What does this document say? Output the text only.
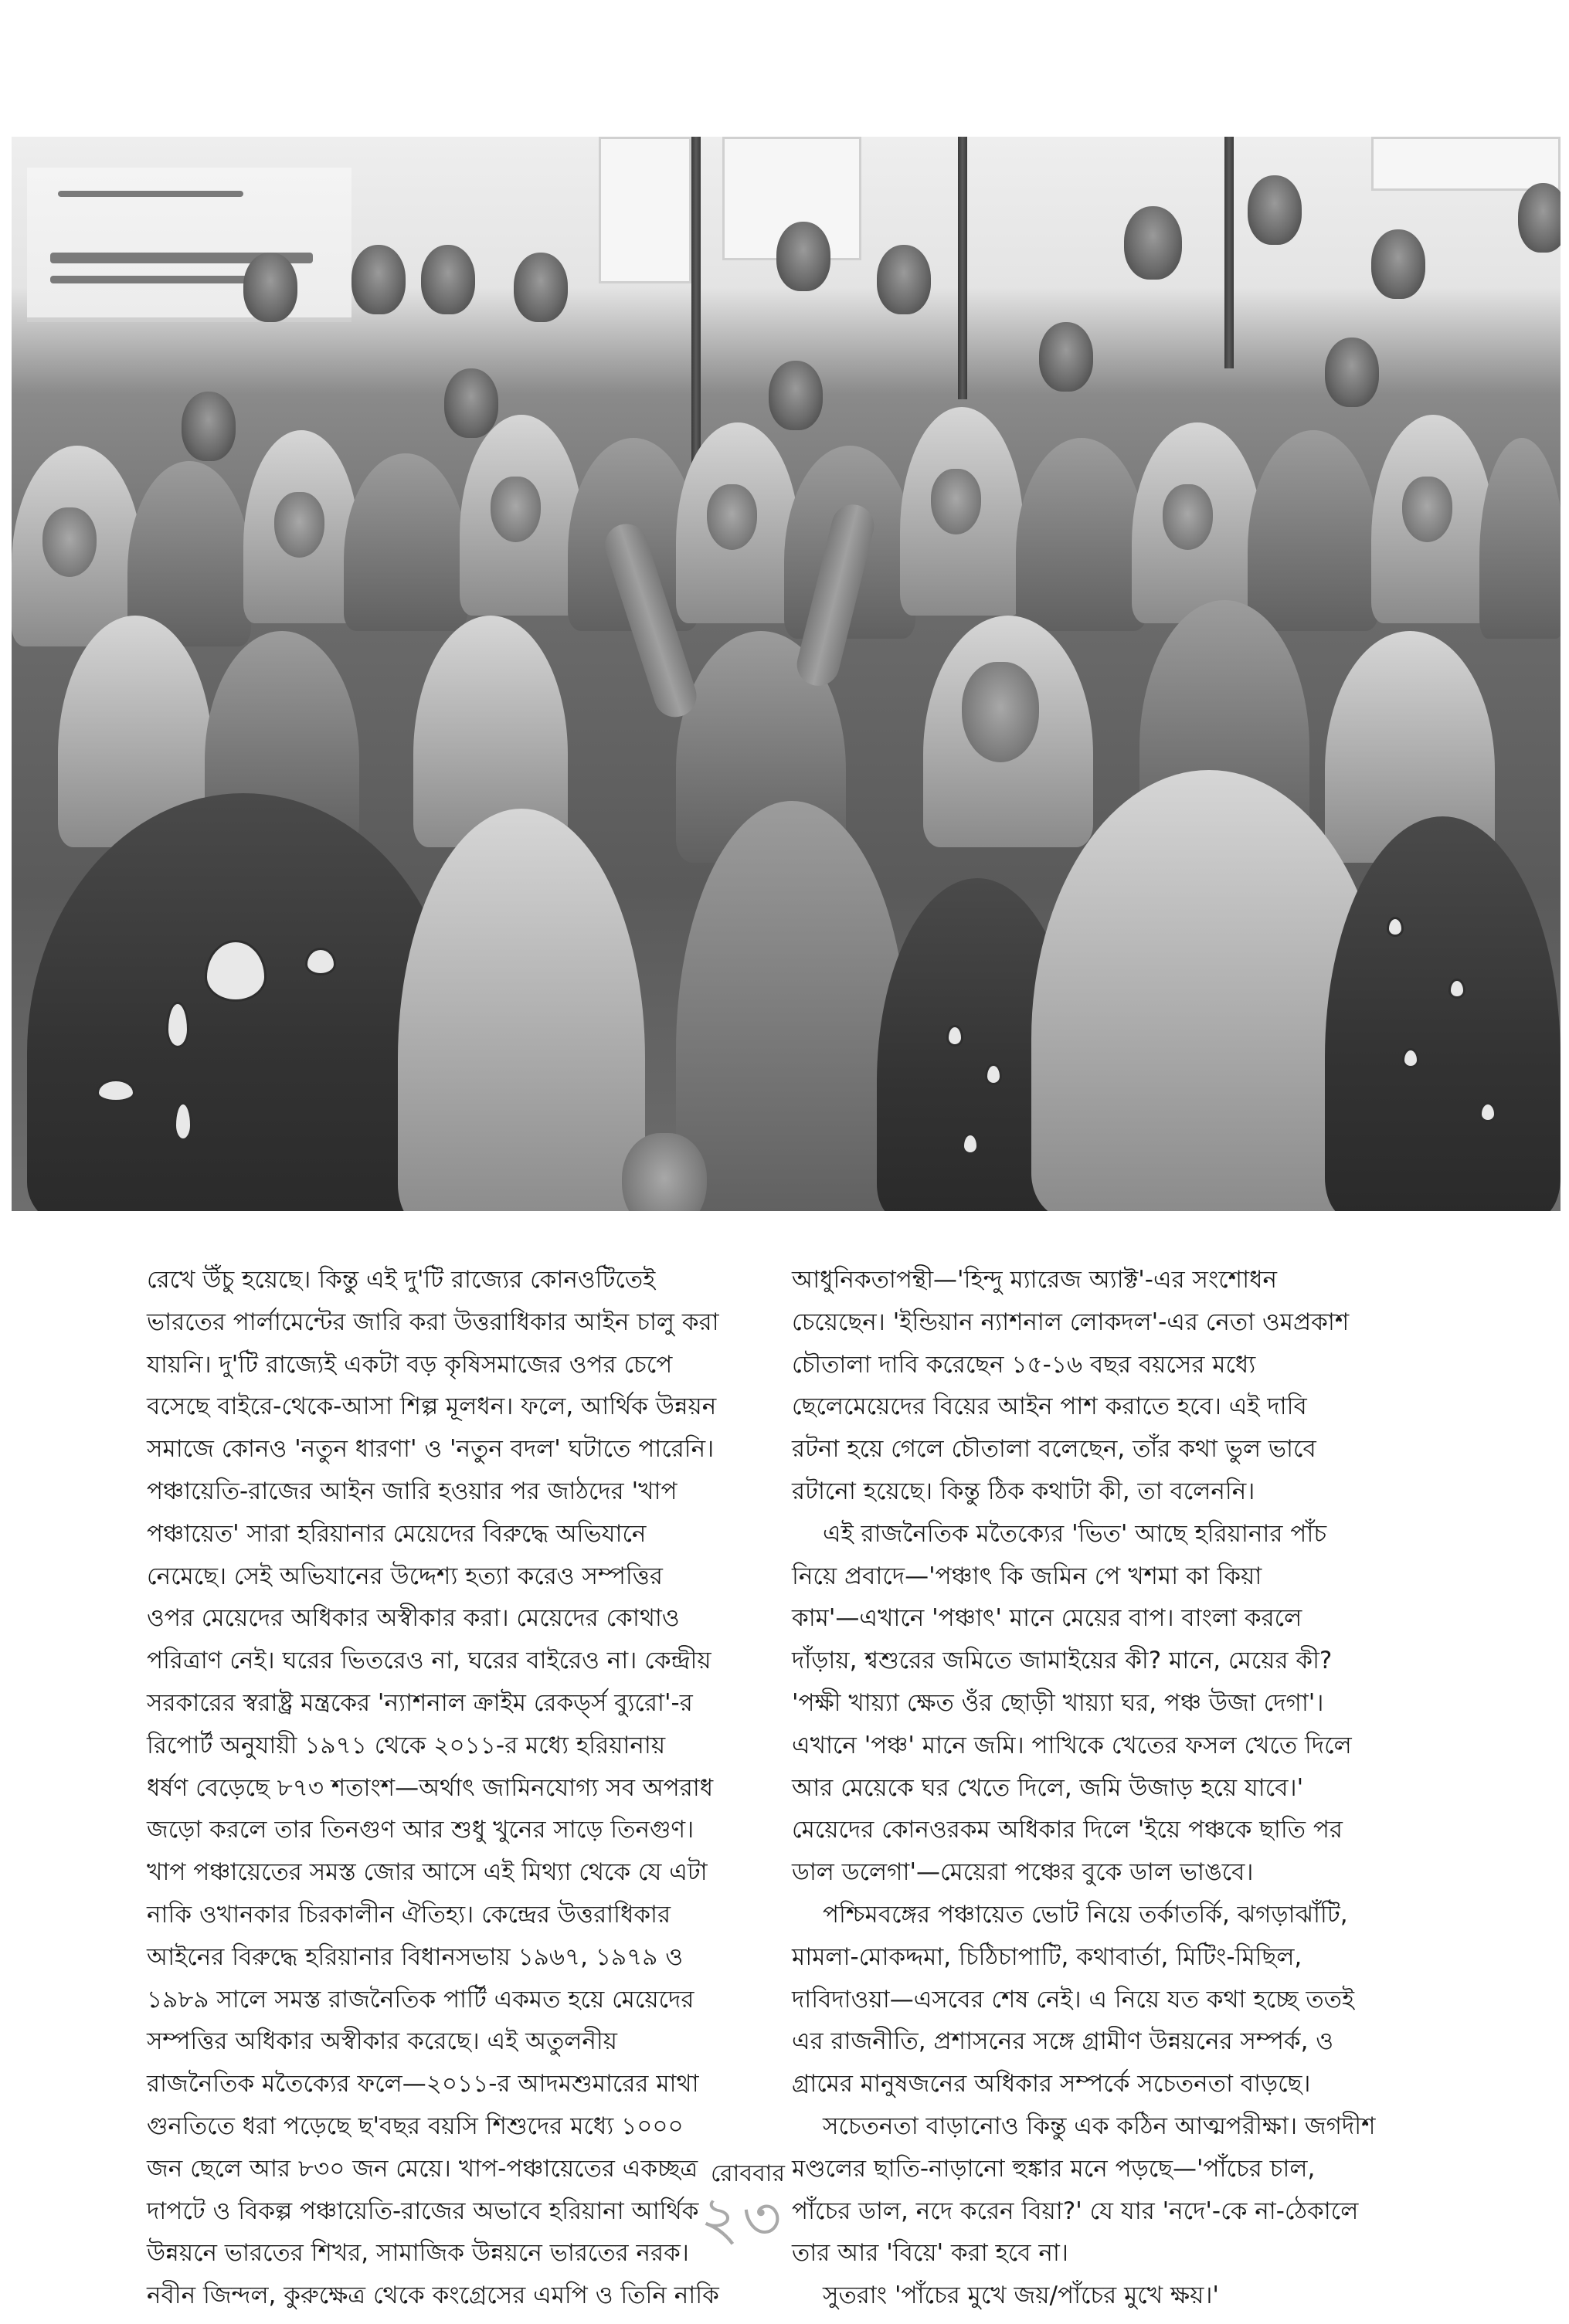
রেখে উঁচু হয়েছে। কিন্তু এই দু'টি রাজ্যের কোনওটিতেই
ভারতের পার্লামেন্টের জারি করা উত্তরাধিকার আইন চালু করা
যায়নি। দু'টি রাজ্যেই একটা বড় কৃষিসমাজের ওপর চেপে
বসেছে বাইরে-থেকে-আসা শিল্প মূলধন। ফলে, আর্থিক উন্নয়ন
সমাজে কোনও 'নতুন ধারণা' ও 'নতুন বদল' ঘটাতে পারেনি।
পঞ্চায়েতি-রাজের আইন জারি হওয়ার পর জাঠদের 'খাপ
পঞ্চায়েত' সারা হরিয়ানার মেয়েদের বিরুদ্ধে অভিযানে
নেমেছে। সেই অভিযানের উদ্দেশ্য হত্যা করেও সম্পত্তির
ওপর মেয়েদের অধিকার অস্বীকার করা। মেয়েদের কোথাও
পরিত্রাণ নেই। ঘরের ভিতরেও না, ঘরের বাইরেও না। কেন্দ্রীয়
সরকারের স্বরাষ্ট্র মন্ত্রকের 'ন্যাশনাল ক্রাইম রেকর্ড্স ব্যুরো'-র
রিপোর্ট অনুযায়ী ১৯৭১ থেকে ২০১১-র মধ্যে হরিয়ানায়
ধর্ষণ বেড়েছে ৮৭৩ শতাংশ—অর্থাৎ জামিনযোগ্য সব অপরাধ
জড়ো করলে তার তিনগুণ আর শুধু খুনের সাড়ে তিনগুণ।
খাপ পঞ্চায়েতের সমস্ত জোর আসে এই মিথ্যা থেকে যে এটা
নাকি ওখানকার চিরকালীন ঐতিহ্য। কেন্দ্রের উত্তরাধিকার
আইনের বিরুদ্ধে হরিয়ানার বিধানসভায় ১৯৬৭, ১৯৭৯ ও
১৯৮৯ সালে সমস্ত রাজনৈতিক পার্টি একমত হয়ে মেয়েদের
সম্পত্তির অধিকার অস্বীকার করেছে। এই অতুলনীয়
রাজনৈতিক মতৈক্যের ফলে—২০১১-র আদমশুমারের মাথা
গুনতিতে ধরা পড়েছে ছ'বছর বয়সি শিশুদের মধ্যে ১০০০
জন ছেলে আর ৮৩০ জন মেয়ে। খাপ-পঞ্চায়েতের একচ্ছত্র
দাপটে ও বিকল্প পঞ্চায়েতি-রাজের অভাবে হরিয়ানা আর্থিক
উন্নয়নে ভারতের শিখর, সামাজিক উন্নয়নে ভারতের নরক।
নবীন জিন্দল, কুরুক্ষেত্র থেকে কংগ্রেসের এমপি ও তিনি নাকি
আধুনিকতাপন্থী—'হিন্দু ম্যারেজ অ্যাক্ট'-এর সংশোধন
চেয়েছেন। 'ইন্ডিয়ান ন্যাশনাল লোকদল'-এর নেতা ওমপ্রকাশ
চৌতালা দাবি করেছেন ১৫-১৬ বছর বয়সের মধ্যে
ছেলেমেয়েদের বিয়ের আইন পাশ করাতে হবে। এই দাবি
রটনা হয়ে গেলে চৌতালা বলেছেন, তাঁর কথা ভুল ভাবে
রটানো হয়েছে। কিন্তু ঠিক কথাটা কী, তা বলেননি।
এই রাজনৈতিক মতৈক্যের 'ভিত' আছে হরিয়ানার পাঁচ
নিয়ে প্রবাদে—'পঞ্চাৎ কি জমিন পে খশমা কা কিয়া
কাম'—এখানে 'পঞ্চাৎ' মানে মেয়ের বাপ। বাংলা করলে
দাঁড়ায়, শ্বশুরের জমিতে জামাইয়ের কী? মানে, মেয়ের কী?
'পক্ষী খায়্যা ক্ষেত ওঁর ছোড়ী খায়্যা ঘর, পঞ্চ উজা দেগা'।
এখানে 'পঞ্চ' মানে জমি। পাখিকে খেতের ফসল খেতে দিলে
আর মেয়েকে ঘর খেতে দিলে, জমি উজাড় হয়ে যাবে।'
মেয়েদের কোনওরকম অধিকার দিলে 'ইয়ে পঞ্চকে ছাতি পর
ডাল ডলেগা'—মেয়েরা পঞ্চের বুকে ডাল ভাঙবে।
পশ্চিমবঙ্গের পঞ্চায়েত ভোট নিয়ে তর্কাতর্কি, ঝগড়াঝাঁটি,
মামলা-মোকদ্দমা, চিঠিচাপাটি, কথাবার্তা, মিটিং-মিছিল,
দাবিদাওয়া—এসবের শেষ নেই। এ নিয়ে যত কথা হচ্ছে ততই
এর রাজনীতি, প্রশাসনের সঙ্গে গ্রামীণ উন্নয়নের সম্পর্ক, ও
গ্রামের মানুষজনের অধিকার সম্পর্কে সচেতনতা বাড়ছে।
সচেতনতা বাড়ানোও কিন্তু এক কঠিন আত্মপরীক্ষা। জগদীশ
মণ্ডলের ছাতি-নাড়ানো হুঙ্কার মনে পড়ছে—'পাঁচের চাল,
পাঁচের ডাল, নদে করেন বিয়া?' যে যার 'নদে'-কে না-ঠেকালে
তার আর 'বিয়ে' করা হবে না।
সুতরাং 'পাঁচের মুখে জয়/পাঁচের মুখে ক্ষয়।'
রোববার
২৩
